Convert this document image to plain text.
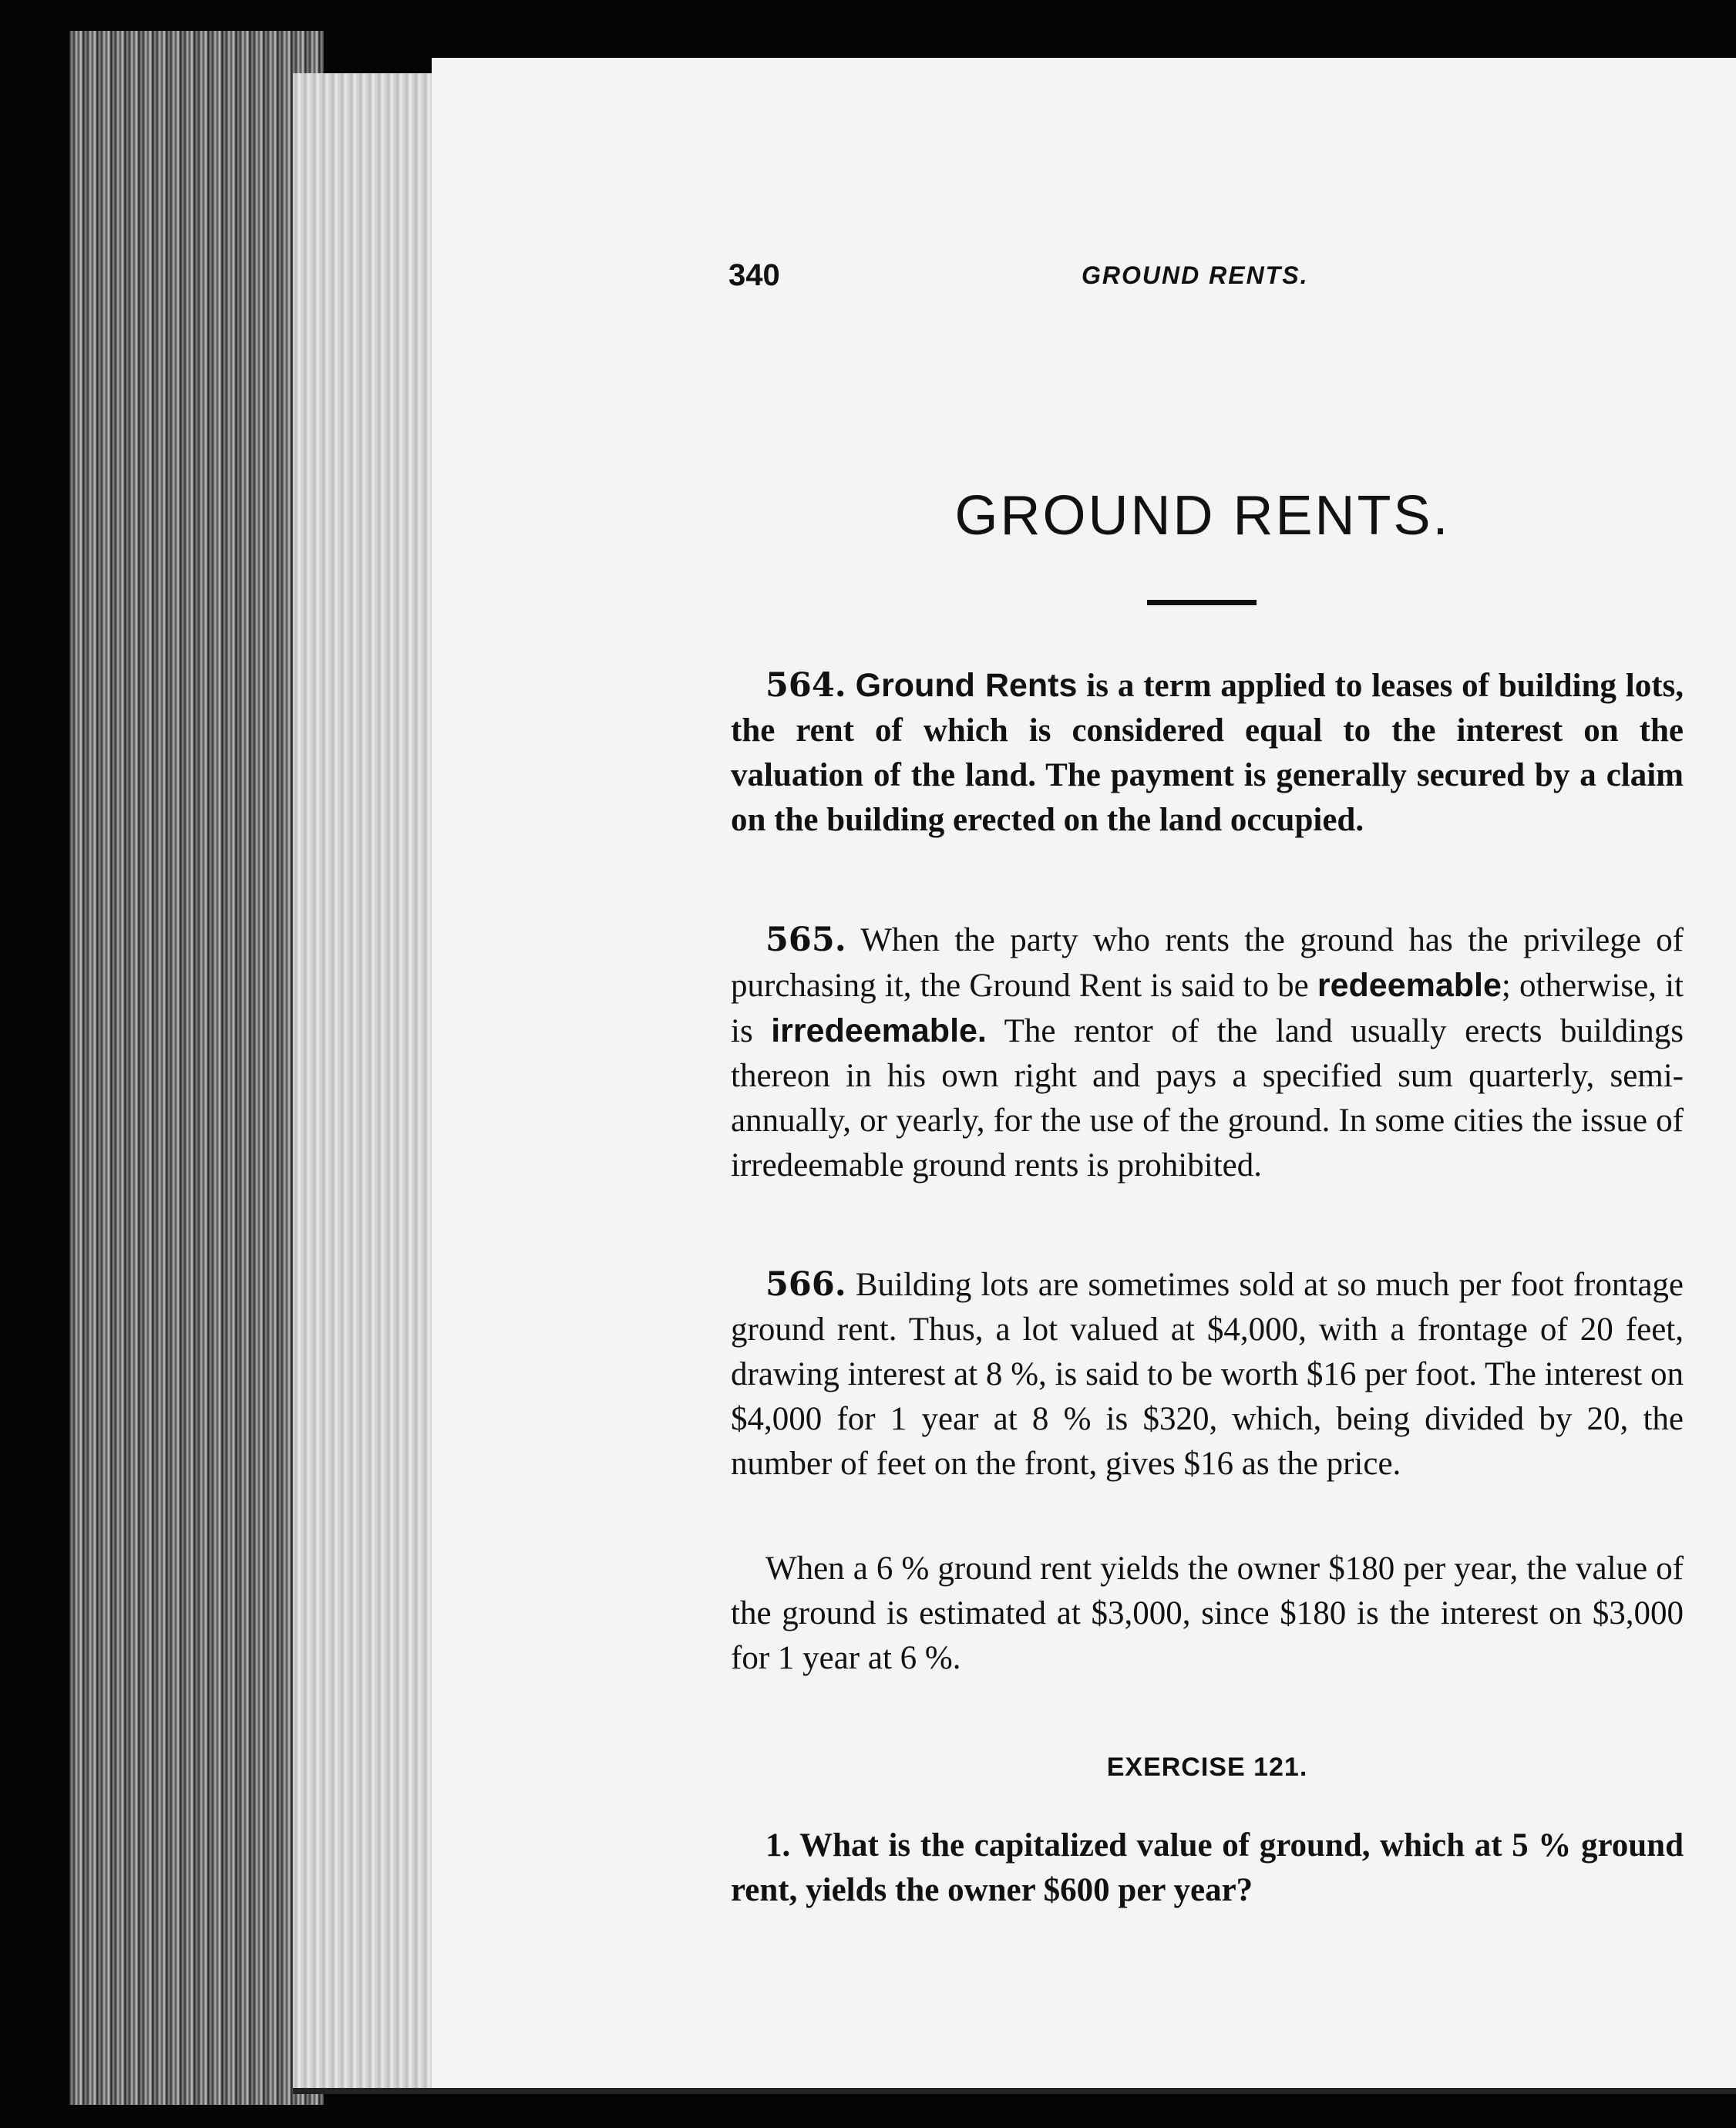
340	GROUND RENTS.
GROUND RENTS.

564. Ground Rents is a term applied to leases of building lots, the rent of which is considered equal to the interest on the valuation of the land. The payment is generally secured by a claim on the building erected on the land occupied.

565. When the party who rents the ground has the privilege of purchasing it, the Ground Rent is said to be redeemable; otherwise, it is irredeemable. The rentor of the land usually erects buildings thereon in his own right and pays a specified sum quarterly, semi-annually, or yearly, for the use of the ground. In some cities the issue of irredeemable ground rents is prohibited.

566. Building lots are sometimes sold at so much per foot frontage ground rent. Thus, a lot valued at $4,000, with a frontage of 20 feet, drawing interest at 8 %, is said to be worth $16 per foot. The interest on $4,000 for 1 year at 8 % is $320, which, being divided by 20, the number of feet on the front, gives $16 as the price.

When a 6 % ground rent yields the owner $180 per year, the value of the ground is estimated at $3,000, since $180 is the interest on $3,000 for 1 year at 6 %.

EXERCISE 121.

1. What is the capitalized value of ground, which at 5 % ground rent, yields the owner $600 per year?
